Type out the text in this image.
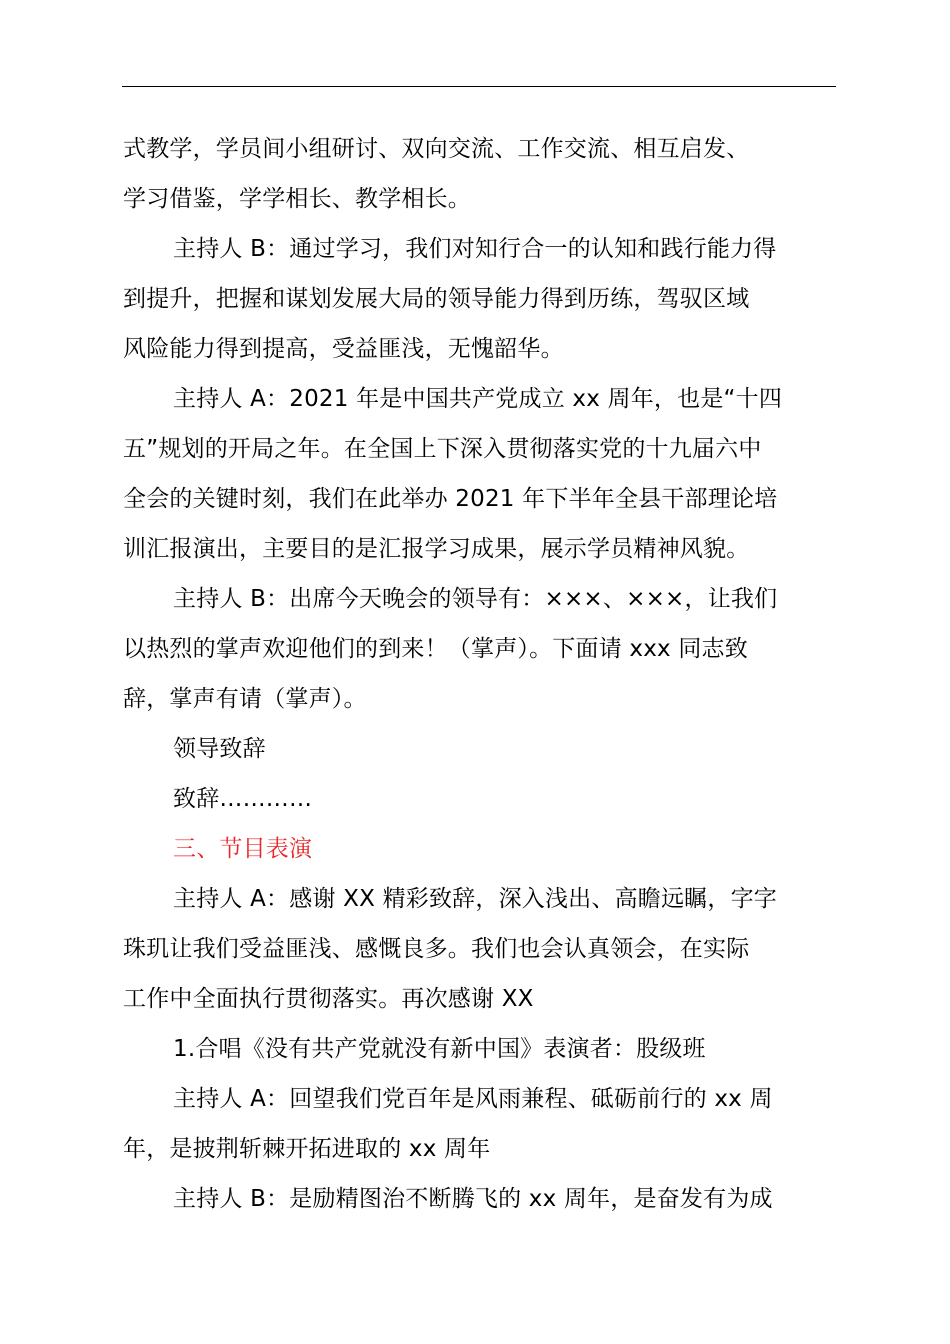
式教学，学员间小组研讨、双向交流、工作交流、相互启发、
学习借鉴，学学相长、教学相长。
主持人 B：通过学习，我们对知行合一的认知和践行能力得
到提升，把握和谋划发展大局的领导能力得到历练，驾驭区域
风险能力得到提高，受益匪浅，无愧韶华。
主持人 A：2021 年是中国共产党成立 xx 周年，也是“十四
五”规划的开局之年。在全国上下深入贯彻落实党的十九届六中
全会的关键时刻，我们在此举办 2021 年下半年全县干部理论培
训汇报演出，主要目的是汇报学习成果，展示学员精神风貌。
主持人 B：出席今天晚会的领导有：×××、×××，让我们
以热烈的掌声欢迎他们的到来！（掌声）。下面请 xxx 同志致
辞，掌声有请（掌声）。
领导致辞
致辞…………
三、节目表演
主持人 A：感谢 XX 精彩致辞，深入浅出、高瞻远瞩，字字
珠玑让我们受益匪浅、感慨良多。我们也会认真领会，在实际
工作中全面执行贯彻落实。再次感谢 XX
1.合唱《没有共产党就没有新中国》表演者：股级班
主持人 A：回望我们党百年是风雨兼程、砥砺前行的 xx 周
年，是披荆斩棘开拓进取的 xx 周年
主持人 B：是励精图治不断腾飞的 xx 周年，是奋发有为成
